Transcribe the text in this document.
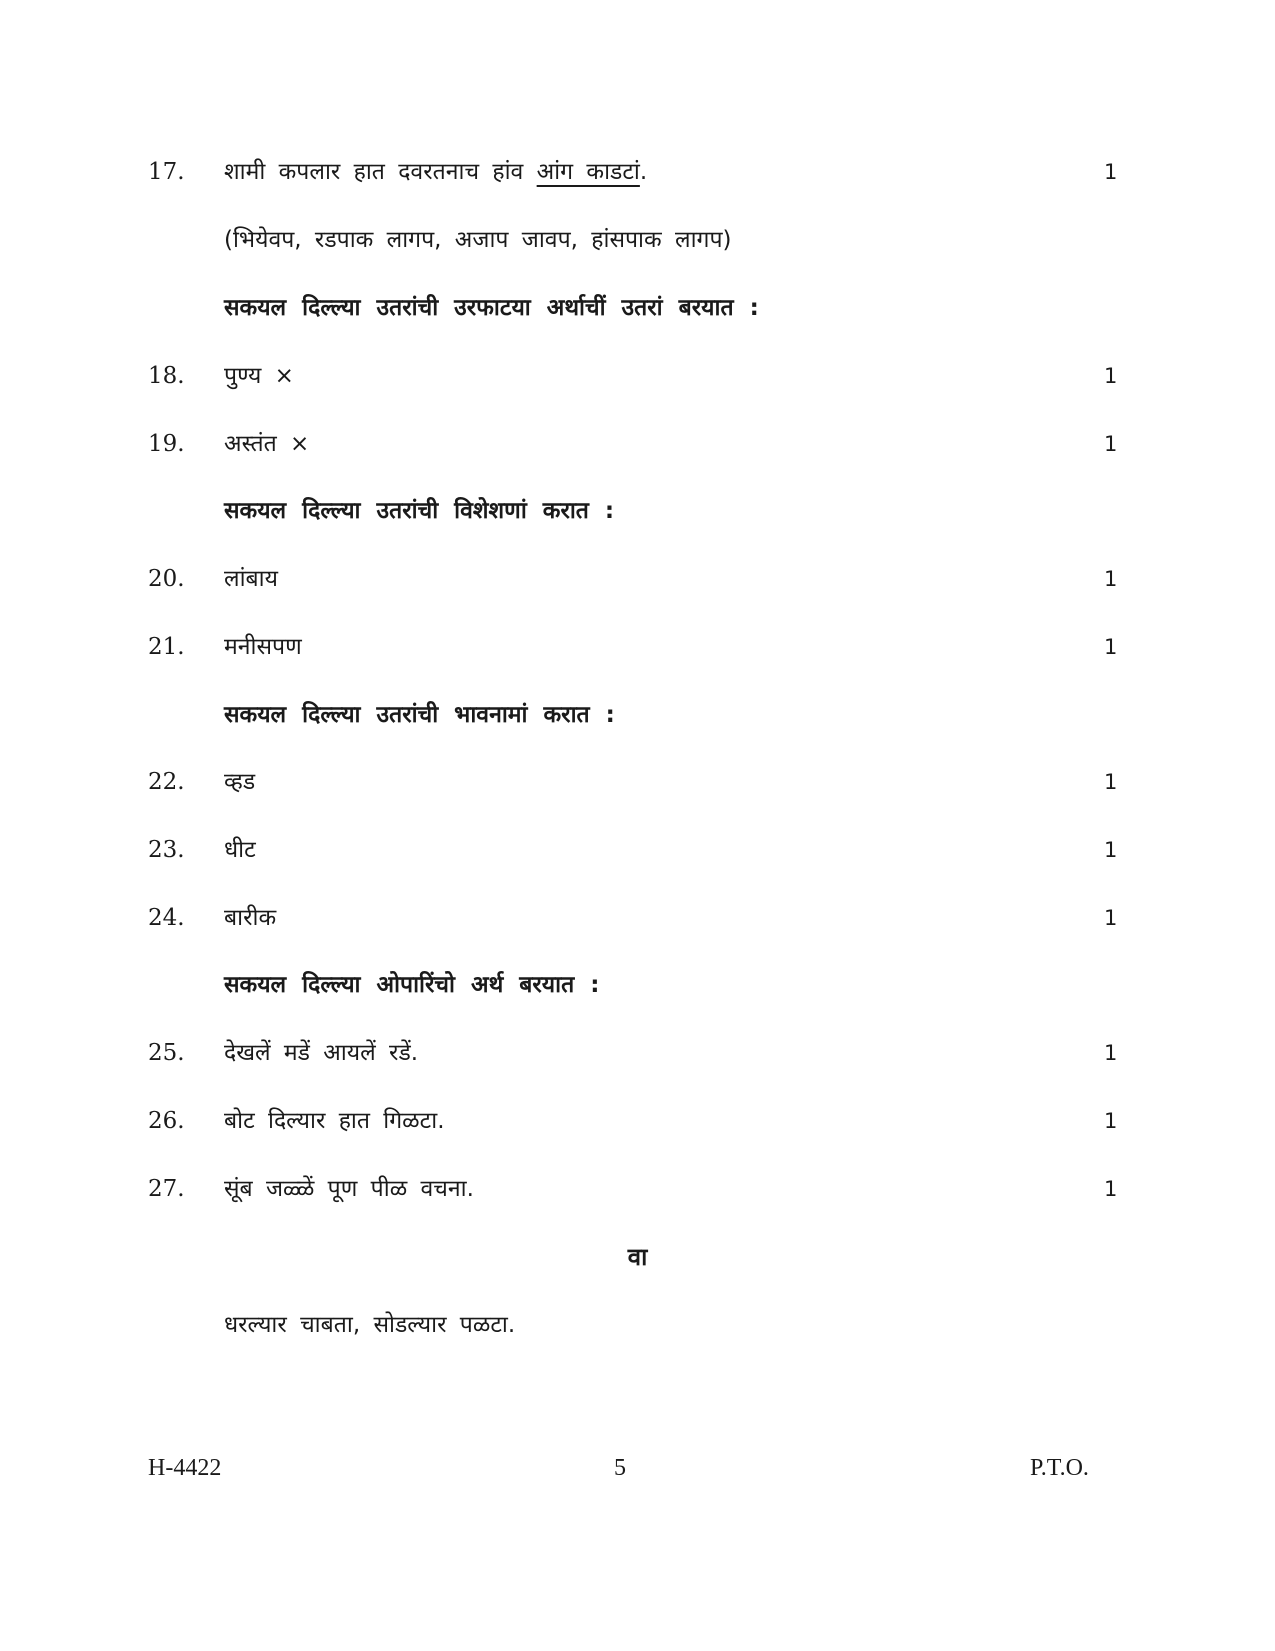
17. शामी कपलार हात दवरतनाच हांव आंग काडटां.	1
(भियेवप, रडपाक लागप, अजाप जावप, हांसपाक लागप)
सकयल दिल्ल्या उतरांची उरफाटया अर्थाचीं उतरां बरयात :
18. पुण्य ×	1
19. अस्तंत ×	1
सकयल दिल्ल्या उतरांची विशेशणां करात :
20. लांबाय	1
21. मनीसपण	1
सकयल दिल्ल्या उतरांची भावनामां करात :
22. व्हड	1
23. धीट	1
24. बारीक	1
सकयल दिल्ल्या ओपारिंचो अर्थ बरयात :
25. देखलें मडें आयलें रडें.	1
26. बोट दिल्यार हात गिळटा.	1
27. सूंब जळ्ळें पूण पीळ वचना.	1
वा
धरल्यार चाबता, सोडल्यार पळटा.
H-4422	5	P.T.O.
